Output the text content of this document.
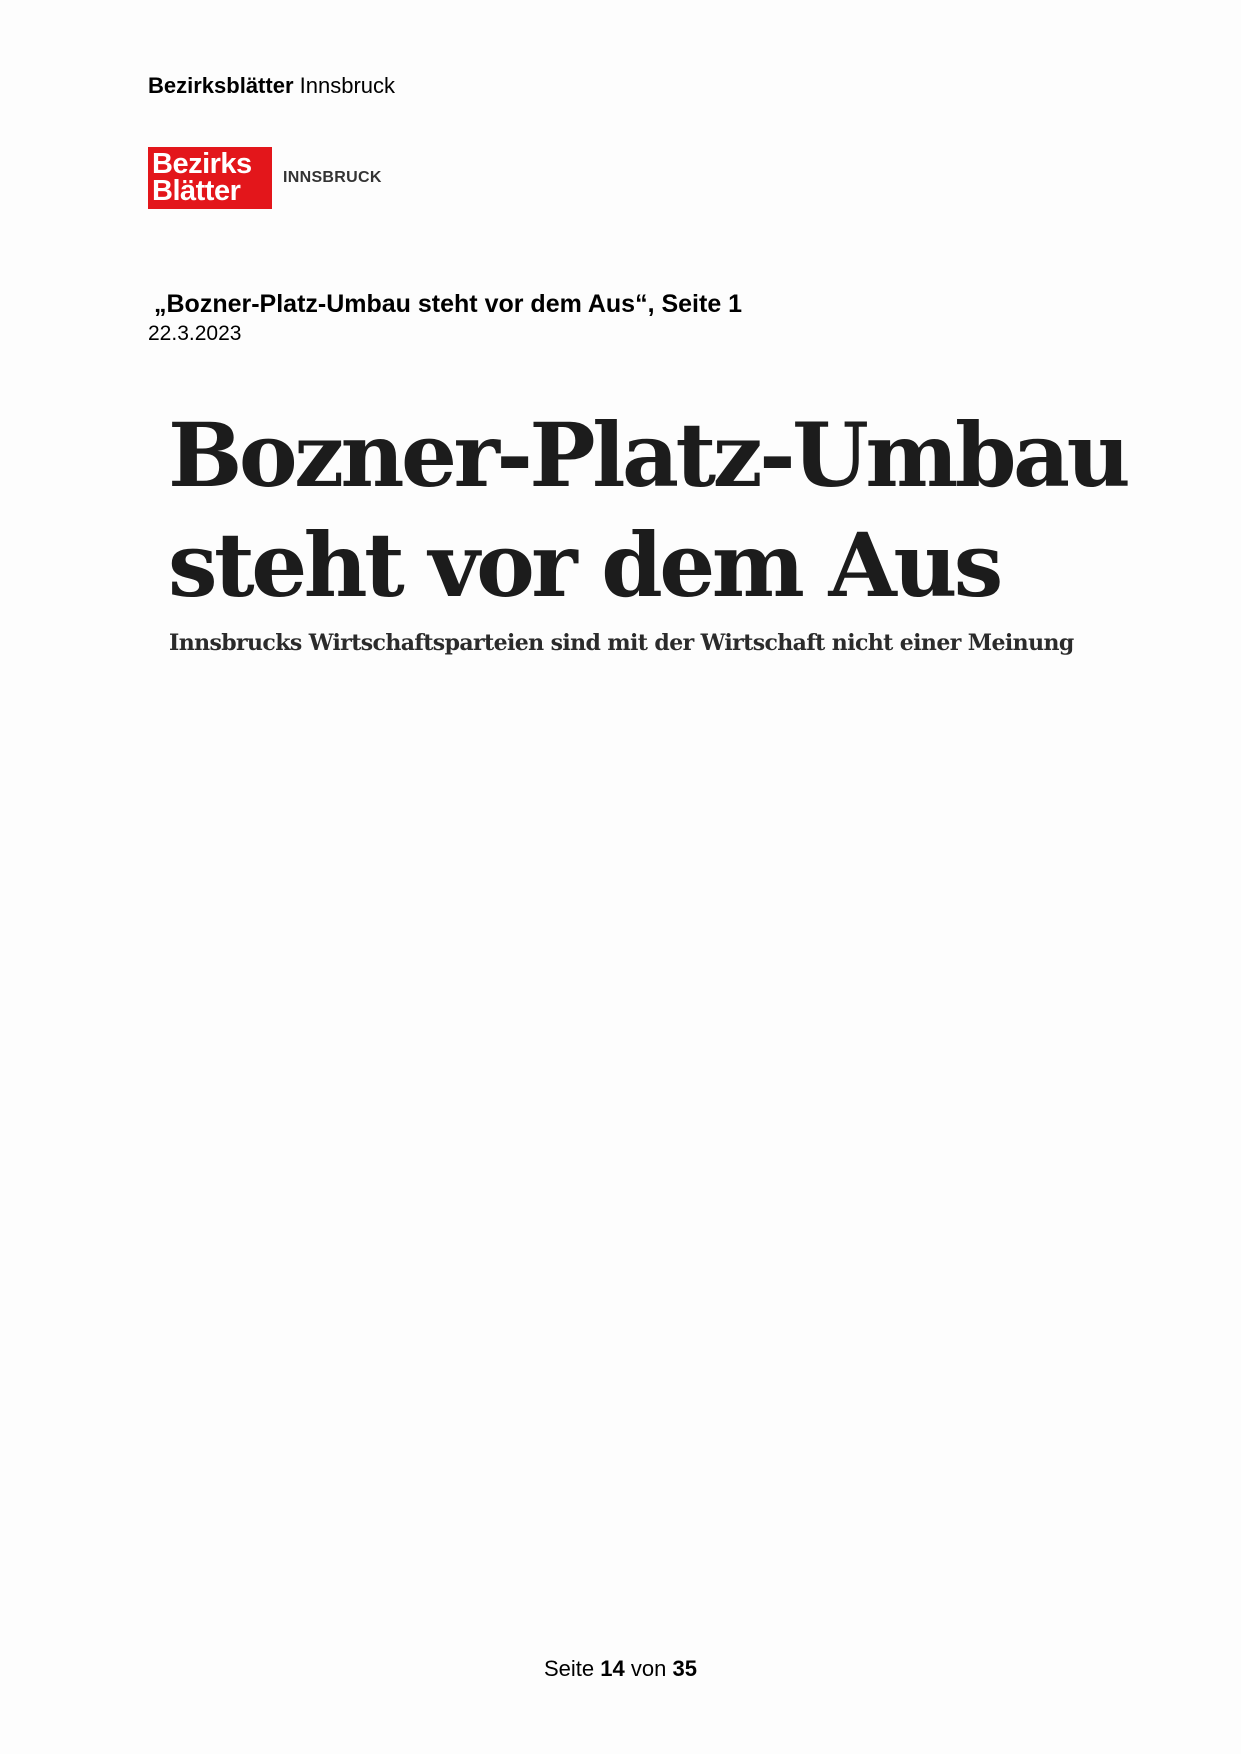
Bezirksblätter Innsbruck
Bezirks
Blätter	INNSBRUCK
„Bozner-Platz-Umbau steht vor dem Aus“, Seite 1
22.3.2023
Bozner-Platz-Umbau
steht vor dem Aus
Innsbrucks Wirtschaftsparteien sind mit der Wirtschaft nicht einer Meinung
Seite 14 von 35
